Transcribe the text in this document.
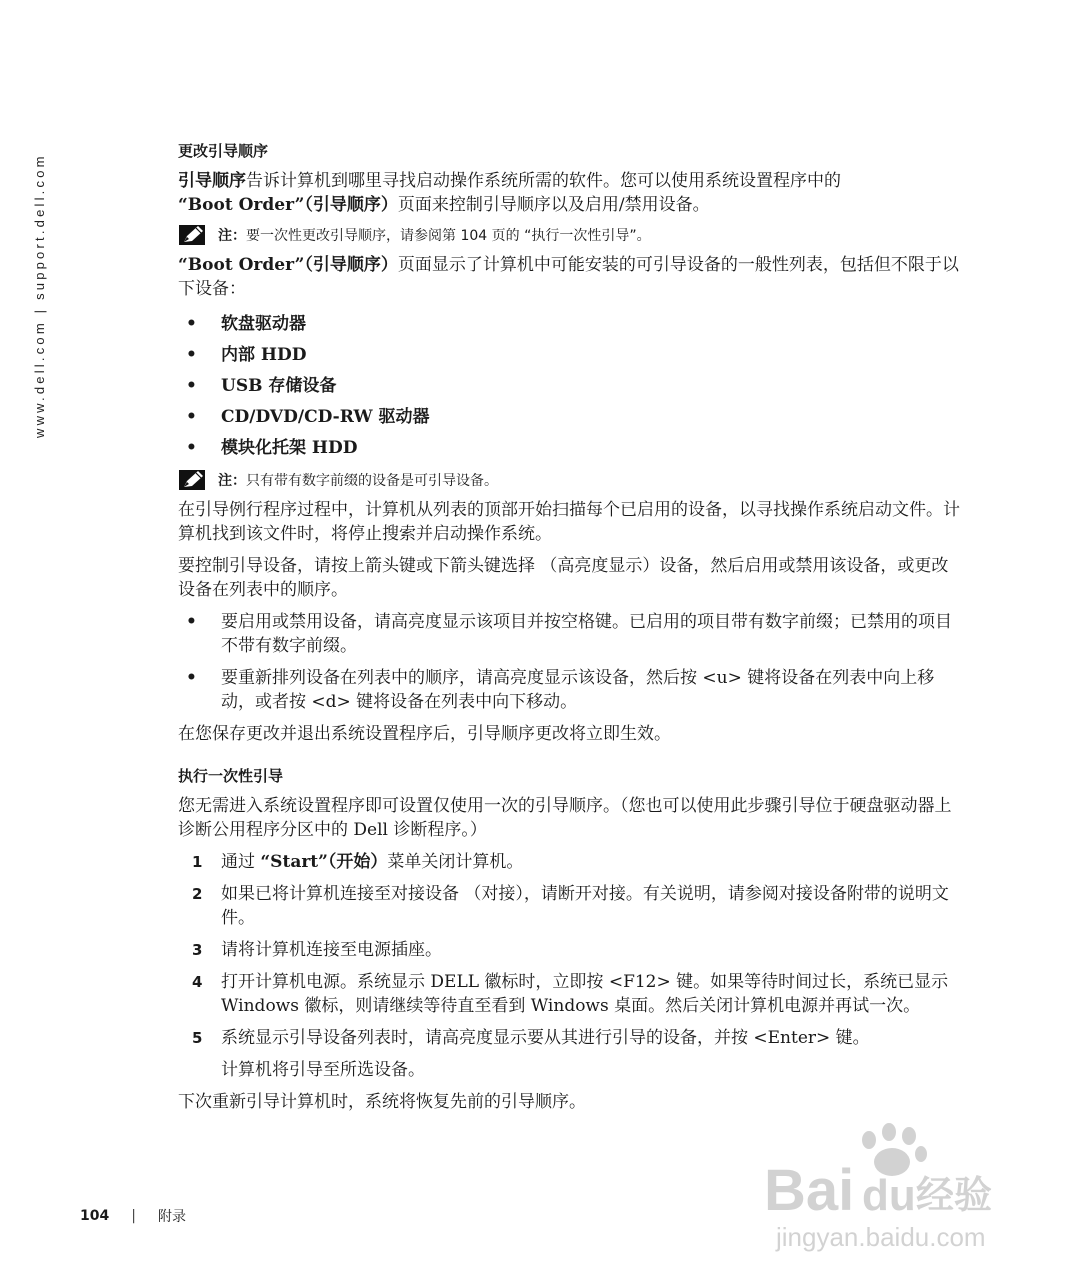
www.dell.com | support.dell.com
更改引导顺序

引导顺序告诉计算机到哪里寻找启动操作系统所需的软件。您可以使用系统设置程序中的
“Boot Order”（引导顺序）页面来控制引导顺序以及启用/禁用设备。

注：要一次性更改引导顺序，请参阅第 104 页的 “执行一次性引导”。

“Boot Order”（引导顺序）页面显示了计算机中可能安装的可引导设备的一般性列表，包括但不限于以下设备：

• 软盘驱动器
• 内部 HDD
• USB 存储设备
• CD/DVD/CD-RW 驱动器
• 模块化托架 HDD
注：只有带有数字前缀的设备是可引导设备。

在引导例行程序过程中，计算机从列表的顶部开始扫描每个已启用的设备，以寻找操作系统启动文件。计算机找到该文件时，将停止搜索并启动操作系统。

要控制引导设备，请按上箭头键或下箭头键选择 （高亮度显示）设备，然后启用或禁用该设备，或更改设备在列表中的顺序。

• 要启用或禁用设备，请高亮度显示该项目并按空格键。已启用的项目带有数字前缀；已禁用的项目不带有数字前缀。
• 要重新排列设备在列表中的顺序，请高亮度显示该设备，然后按 <u> 键将设备在列表中向上移动，或者按 <d> 键将设备在列表中向下移动。

在您保存更改并退出系统设置程序后，引导顺序更改将立即生效。

执行一次性引导

您无需进入系统设置程序即可设置仅使用一次的引导顺序。（您也可以使用此步骤引导位于硬盘驱动器上诊断公用程序分区中的 Dell 诊断程序。）

1 通过 “Start”（开始）菜单关闭计算机。
2 如果已将计算机连接至对接设备 （对接），请断开对接。有关说明，请参阅对接设备附带的说明文件。
3 请将计算机连接至电源插座。
4 打开计算机电源。系统显示 DELL 徽标时，立即按 <F12> 键。如果等待时间过长，系统已显示 Windows 徽标，则请继续等待直至看到 Windows 桌面。然后关闭计算机电源并再试一次。
5 系统显示引导设备列表时，请高亮度显示要从其进行引导的设备，并按 <Enter> 键。
计算机将引导至所选设备。

下次重新引导计算机时，系统将恢复先前的引导顺序。

104 | 附录	Bai du 经验
jingyan.baidu.com
